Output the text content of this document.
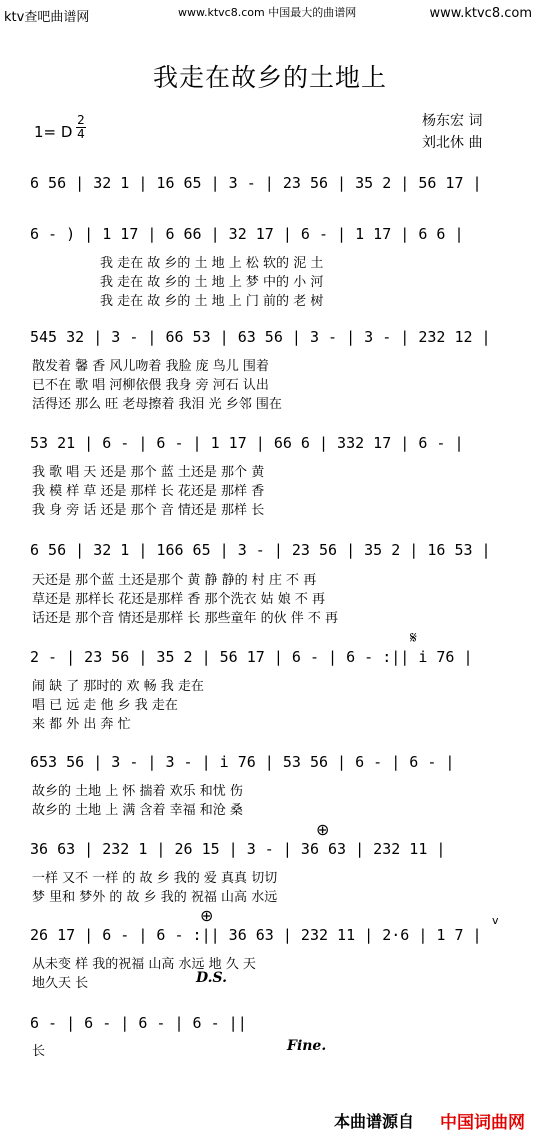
ktv查吧曲谱网	www.ktvc8.com 中国最大的曲谱网	www.ktvc8.com
我走在故乡的土地上
杨东宏 词
刘北休 曲
1= D
2
4
6 56 | 32 1 | 16 65 | 3 - | 23 56 | 35 2 | 56 17 |
6 - ) | 1 17 | 6 66 | 32 17 | 6 - | 1 17 | 6 6 |
我 走在 故 乡的 土 地 上 松 软的 泥 土
我 走在 故 乡的 土 地 上 梦 中的 小 河
我 走在 故 乡的 土 地 上 门 前的 老 树
545 32 | 3 - | 66 53 | 63 56 | 3 - | 3 - | 232 12 |
散发着 馨 香 风儿吻着 我脸 庞 鸟儿 围着
已不在 歌 唱 河柳依偎 我身 旁 河石 认出
活得还 那么 旺 老母擦着 我泪 光 乡邻 围在
53 21 | 6 - | 6 - | 1 17 | 66 6 | 332 17 | 6 - |
我 歌 唱 天 还是 那个 蓝 土还是 那个 黄
我 模 样 草 还是 那样 长 花还是 那样 香
我 身 旁 话 还是 那个 音 情还是 那样 长
6 56 | 32 1 | 166 65 | 3 - | 23 56 | 35 2 | 16 53 |
天还是 那个蓝 土还是那个 黄 静 静的 村 庄 不 再
草还是 那样长 花还是那样 香 那个洗衣 姑 娘 不 再
话还是 那个音 情还是那样 长 那些童年 的伙 伴 不 再
𝄋
2 - | 23 56 | 35 2 | 56 17 | 6 - | 6 - :|| i 76 |
闹 缺 了 那时的 欢 畅 我 走在
唱 已 远 走 他 乡 我 走在
来 都 外 出 奔 忙
653 56 | 3 - | 3 - | i 76 | 53 56 | 6 - | 6 - |
故乡的 土地 上 怀 揣着 欢乐 和忧 伤
故乡的 土地 上 满 含着 幸福 和沧 桑
⊕
36 63 | 232 1 | 26 15 | 3 - | 36 63 | 232 11 |
一样 又不 一样 的 故 乡 我的 爱 真真 切切
梦 里和 梦外 的 故 乡 我的 祝福 山高 水远
⊕	v
26 17 | 6 - | 6 - :|| 36 63 | 232 11 | 2·6 | 1 7 |
从未变 样 我的祝福 山高 水远 地 久 天
地久天 长	D.S.
6 - | 6 - | 6 - | 6 - ||
长	Fine.
本曲谱源自 中国词曲网
